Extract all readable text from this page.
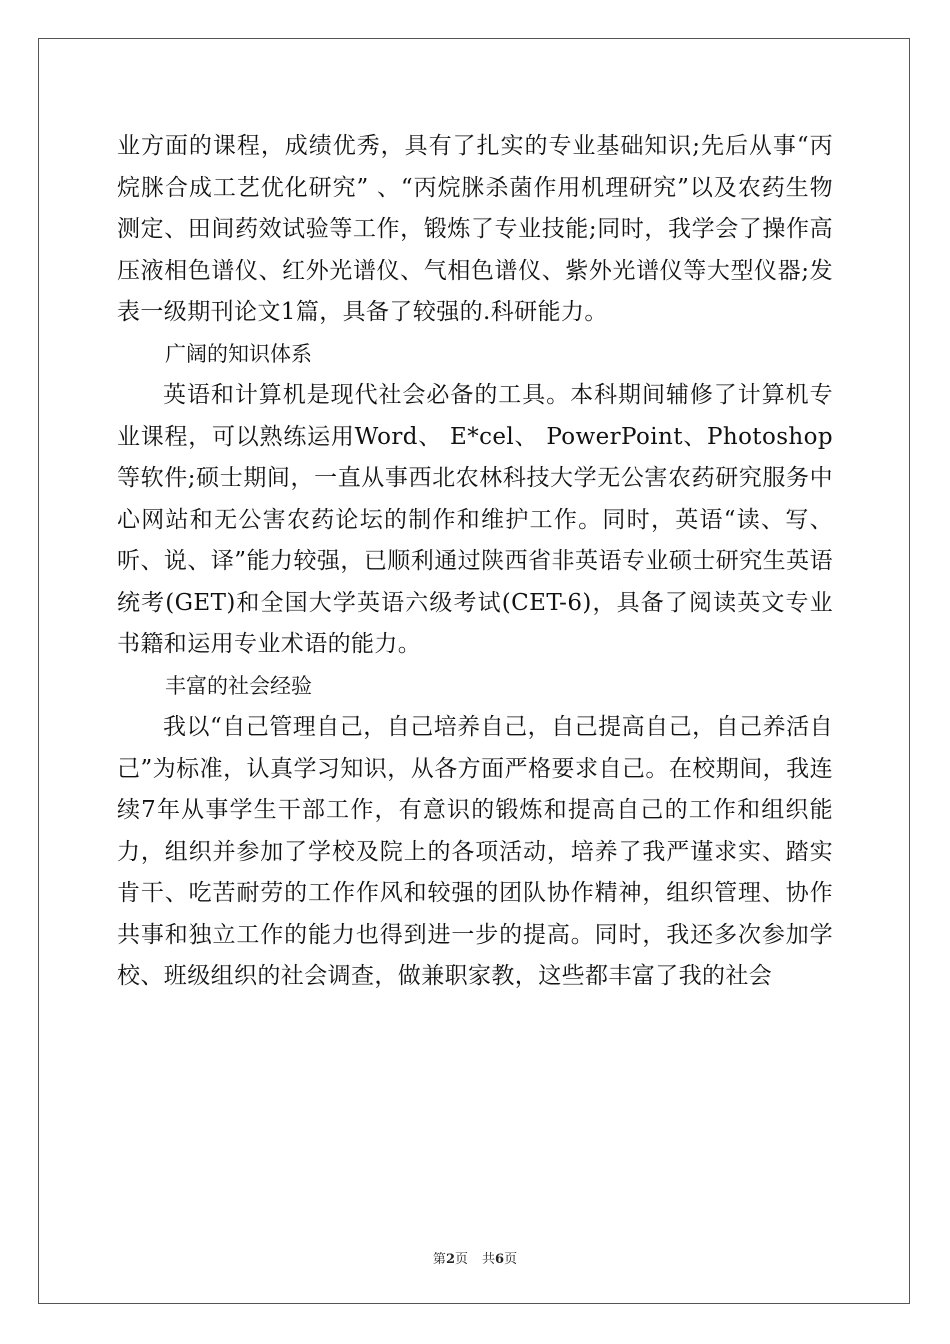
业方面的课程，成绩优秀，具有了扎实的专业基础知识;先后从事“丙烷脒合成工艺优化研究” 、“丙烷脒杀菌作用机理研究”以及农药生物测定、田间药效试验等工作，锻炼了专业技能;同时，我学会了操作高压液相色谱仪、红外光谱仪、气相色谱仪、紫外光谱仪等大型仪器;发表一级期刊论文1篇，具备了较强的.科研能力。

广阔的知识体系

英语和计算机是现代社会必备的工具。本科期间辅修了计算机专业课程，可以熟练运用Word、 E*cel、 PowerPoint、Photoshop等软件;硕士期间，一直从事西北农林科技大学无公害农药研究服务中心网站和无公害农药论坛的制作和维护工作。同时，英语“读、写、听、说、译”能力较强，已顺利通过陕西省非英语专业硕士研究生英语统考(GET)和全国大学英语六级考试(CET-6)，具备了阅读英文专业书籍和运用专业术语的能力。

丰富的社会经验

我以“自己管理自己，自己培养自己，自己提高自己，自己养活自己”为标准，认真学习知识，从各方面严格要求自己。在校期间，我连续7年从事学生干部工作，有意识的锻炼和提高自己的工作和组织能力，组织并参加了学校及院上的各项活动，培养了我严谨求实、踏实肯干、吃苦耐劳的工作作风和较强的团队协作精神，组织管理、协作共事和独立工作的能力也得到进一步的提高。同时，我还多次参加学校、班级组织的社会调查，做兼职家教，这些都丰富了我的社会

第2页 共6页
